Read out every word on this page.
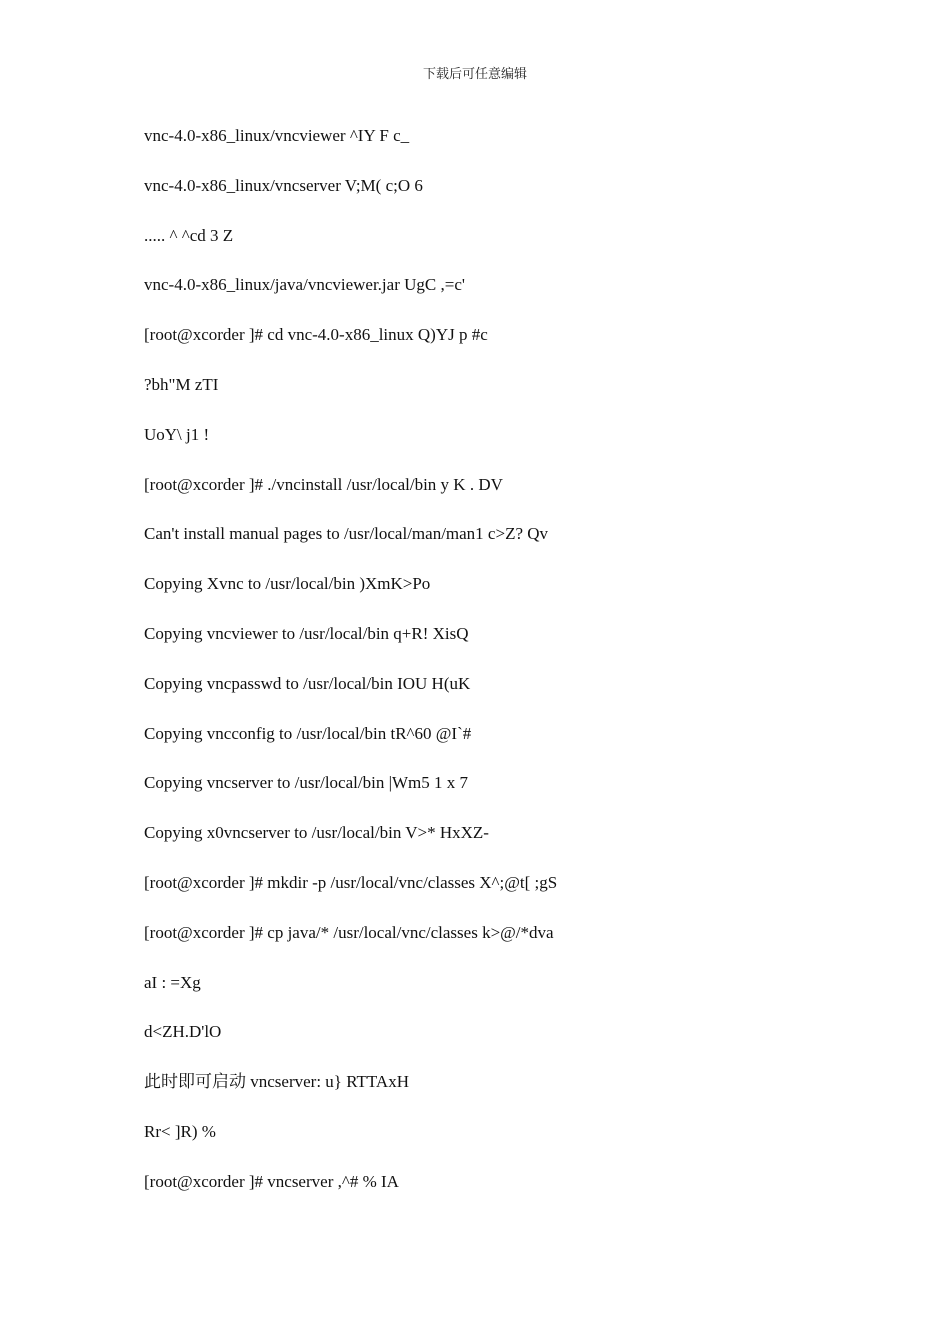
下载后可任意编辑
vnc-4.0-x86_linux/vncviewer ^IY F c_
vnc-4.0-x86_linux/vncserver V;M( c;O 6
..... ^ ^cd 3 Z
vnc-4.0-x86_linux/java/vncviewer.jar UgC ,=c'
[root@xcorder ]# cd vnc-4.0-x86_linux Q)YJ p #c
?bh"M zTI
UoY\ j1 !
[root@xcorder ]# ./vncinstall /usr/local/bin y K . DV
Can't install manual pages to /usr/local/man/man1 c>Z? Qv
Copying Xvnc to /usr/local/bin )XmK>Po
Copying vncviewer to /usr/local/bin q+R! XisQ
Copying vncpasswd to /usr/local/bin IOU H(uK
Copying vncconfig to /usr/local/bin tR^60 @I`#
Copying vncserver to /usr/local/bin |Wm5 1 x 7
Copying x0vncserver to /usr/local/bin V>* HxXZ-
[root@xcorder ]# mkdir -p /usr/local/vnc/classes X^;@t[ ;gS
[root@xcorder ]# cp java/* /usr/local/vnc/classes k>@/*dva
aI : =Xg
d<ZH.D'lO
此时即可启动 vncserver: u} RTTAxH
Rr< ]R) %
[root@xcorder ]# vncserver ,^# % IA
